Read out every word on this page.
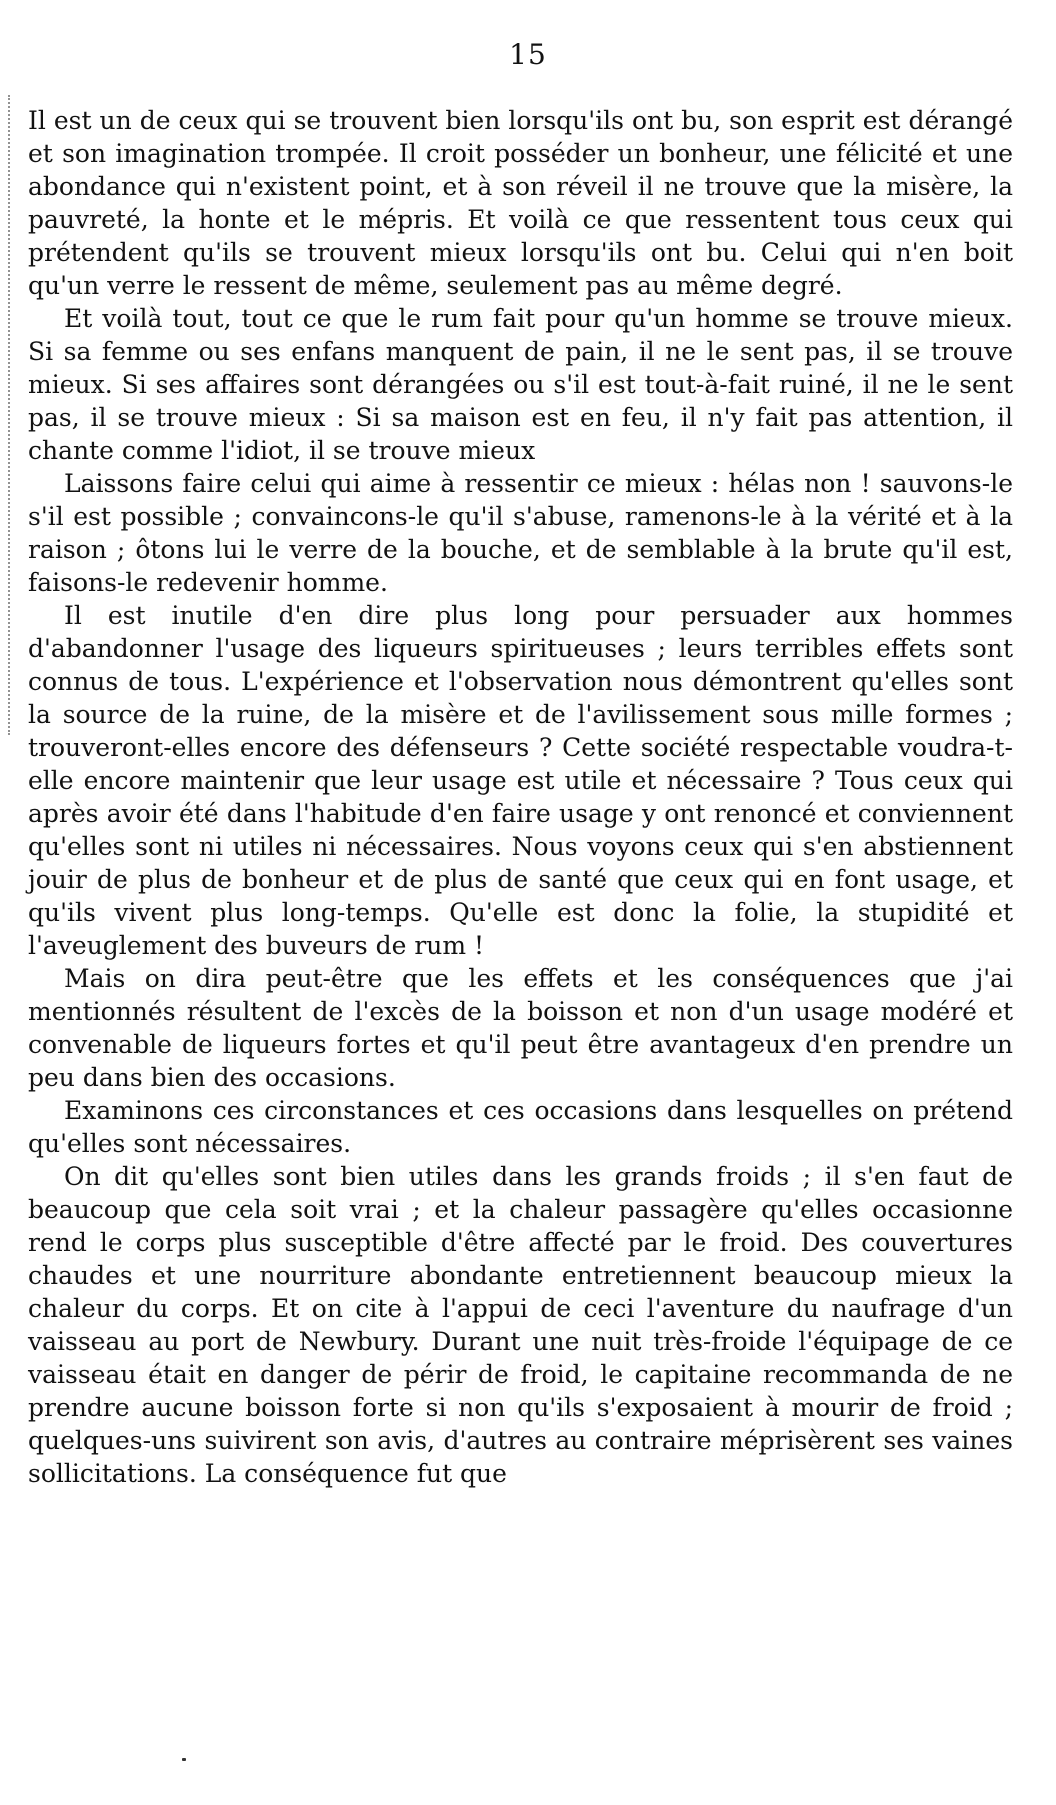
15

Il est un de ceux qui se trouvent bien lorsqu'ils ont bu, son esprit est dérangé et son imagination trompée. Il croit posséder un bonheur, une félicité et une abondance qui n'existent point, et à son réveil il ne trouve que la misère, la pauvreté, la honte et le mépris. Et voilà ce que ressentent tous ceux qui prétendent qu'ils se trouvent mieux lorsqu'ils ont bu. Celui qui n'en boit qu'un verre le ressent de même, seulement pas au même degré.

Et voilà tout, tout ce que le rum fait pour qu'un homme se trouve mieux. Si sa femme ou ses enfans manquent de pain, il ne le sent pas, il se trouve mieux. Si ses affaires sont dérangées ou s'il est tout-à-fait ruiné, il ne le sent pas, il se trouve mieux : Si sa maison est en feu, il n'y fait pas attention, il chante comme l'idiot, il se trouve mieux

Laissons faire celui qui aime à ressentir ce mieux : hélas non ! sauvons-le s'il est possible ; convaincons-le qu'il s'abuse, ramenons-le à la vérité et à la raison ; ôtons lui le verre de la bouche, et de semblable à la brute qu'il est, faisons-le redevenir homme.

Il est inutile d'en dire plus long pour persuader aux hommes d'abandonner l'usage des liqueurs spiritueuses ; leurs terribles effets sont connus de tous. L'expérience et l'observation nous démontrent qu'elles sont la source de la ruine, de la misère et de l'avilissement sous mille formes ; trouveront-elles encore des défenseurs ? Cette société respectable voudra-t-elle encore maintenir que leur usage est utile et nécessaire ? Tous ceux qui après avoir été dans l'habitude d'en faire usage y ont renoncé et conviennent qu'elles sont ni utiles ni nécessaires. Nous voyons ceux qui s'en abstiennent jouir de plus de bonheur et de plus de santé que ceux qui en font usage, et qu'ils vivent plus long-temps. Qu'elle est donc la folie, la stupidité et l'aveuglement des buveurs de rum !

Mais on dira peut-être que les effets et les conséquences que j'ai mentionnés résultent de l'excès de la boisson et non d'un usage modéré et convenable de liqueurs fortes et qu'il peut être avantageux d'en prendre un peu dans bien des occasions.

Examinons ces circonstances et ces occasions dans lesquelles on prétend qu'elles sont nécessaires.

On dit qu'elles sont bien utiles dans les grands froids ; il s'en faut de beaucoup que cela soit vrai ; et la chaleur passagère qu'elles occasionne rend le corps plus susceptible d'être affecté par le froid. Des couvertures chaudes et une nourriture abondante entretiennent beaucoup mieux la chaleur du corps. Et on cite à l'appui de ceci l'aventure du naufrage d'un vaisseau au port de Newbury. Durant une nuit très-froide l'équipage de ce vaisseau était en danger de périr de froid, le capitaine recommanda de ne prendre aucune boisson forte si non qu'ils s'exposaient à mourir de froid ; quelques-uns suivirent son avis, d'autres au contraire méprisèrent ses vaines sollicitations. La conséquence fut que
